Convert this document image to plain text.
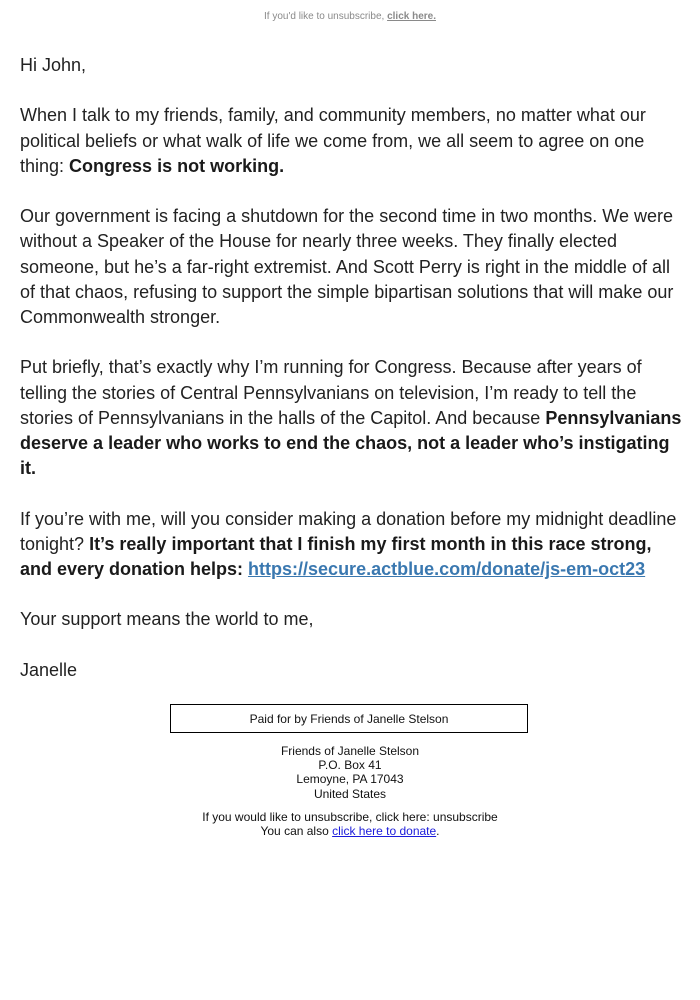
If you'd like to unsubscribe, click here.

Hi John,

When I talk to my friends, family, and community members, no matter what our political beliefs or what walk of life we come from, we all seem to agree on one thing: Congress is not working.

Our government is facing a shutdown for the second time in two months. We were without a Speaker of the House for nearly three weeks. They finally elected someone, but he’s a far-right extremist. And Scott Perry is right in the middle of all of that chaos, refusing to support the simple bipartisan solutions that will make our Commonwealth stronger.

Put briefly, that’s exactly why I’m running for Congress. Because after years of telling the stories of Central Pennsylvanians on television, I’m ready to tell the stories of Pennsylvanians in the halls of the Capitol. And because Pennsylvanians deserve a leader who works to end the chaos, not a leader who’s instigating it.

If you’re with me, will you consider making a donation before my midnight deadline tonight? It’s really important that I finish my first month in this race strong, and every donation helps: https://secure.actblue.com/donate/js-em-oct23

Your support means the world to me,

Janelle

Paid for by Friends of Janelle Stelson
Friends of Janelle Stelson
P.O. Box 41
Lemoyne, PA 17043
United States
If you would like to unsubscribe, click here: unsubscribe
You can also click here to donate.
